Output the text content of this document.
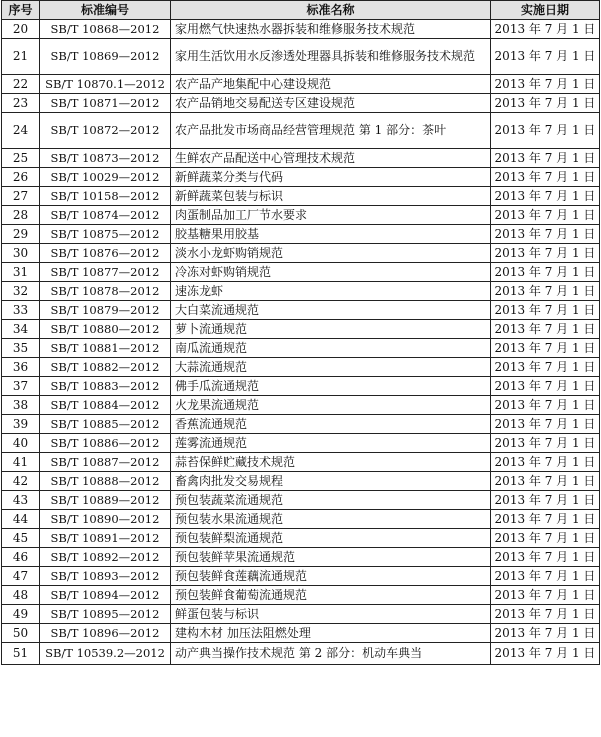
序号	标准编号	标准名称	实施日期
20	SB/T 10868—2012	家用燃气快速热水器拆装和维修服务技术规范	2013 年 7 月 1 日
21	SB/T 10869—2012	家用生活饮用水反渗透处理器具拆装和维修服务技术规范	2013 年 7 月 1 日
22	SB/T 10870.1—2012	农产品产地集配中心建设规范	2013 年 7 月 1 日
23	SB/T 10871—2012	农产品销地交易配送专区建设规范	2013 年 7 月 1 日
24	SB/T 10872—2012	农产品批发市场商品经营管理规范 第 1 部分：茶叶	2013 年 7 月 1 日
25	SB/T 10873—2012	生鲜农产品配送中心管理技术规范	2013 年 7 月 1 日
26	SB/T 10029—2012	新鲜蔬菜分类与代码	2013 年 7 月 1 日
27	SB/T 10158—2012	新鲜蔬菜包装与标识	2013 年 7 月 1 日
28	SB/T 10874—2012	肉蛋制品加工厂节水要求	2013 年 7 月 1 日
29	SB/T 10875—2012	胶基糖果用胶基	2013 年 7 月 1 日
30	SB/T 10876—2012	淡水小龙虾购销规范	2013 年 7 月 1 日
31	SB/T 10877—2012	冷冻对虾购销规范	2013 年 7 月 1 日
32	SB/T 10878—2012	速冻龙虾	2013 年 7 月 1 日
33	SB/T 10879—2012	大白菜流通规范	2013 年 7 月 1 日
34	SB/T 10880—2012	萝卜流通规范	2013 年 7 月 1 日
35	SB/T 10881—2012	南瓜流通规范	2013 年 7 月 1 日
36	SB/T 10882—2012	大蒜流通规范	2013 年 7 月 1 日
37	SB/T 10883—2012	佛手瓜流通规范	2013 年 7 月 1 日
38	SB/T 10884—2012	火龙果流通规范	2013 年 7 月 1 日
39	SB/T 10885—2012	香蕉流通规范	2013 年 7 月 1 日
40	SB/T 10886—2012	莲雾流通规范	2013 年 7 月 1 日
41	SB/T 10887—2012	蒜苔保鲜贮藏技术规范	2013 年 7 月 1 日
42	SB/T 10888—2012	畜禽肉批发交易规程	2013 年 7 月 1 日
43	SB/T 10889—2012	预包装蔬菜流通规范	2013 年 7 月 1 日
44	SB/T 10890—2012	预包装水果流通规范	2013 年 7 月 1 日
45	SB/T 10891—2012	预包装鲜梨流通规范	2013 年 7 月 1 日
46	SB/T 10892—2012	预包装鲜苹果流通规范	2013 年 7 月 1 日
47	SB/T 10893—2012	预包装鲜食莲藕流通规范	2013 年 7 月 1 日
48	SB/T 10894—2012	预包装鲜食葡萄流通规范	2013 年 7 月 1 日
49	SB/T 10895—2012	鲜蛋包装与标识	2013 年 7 月 1 日
50	SB/T 10896—2012	建构木材 加压法阻燃处理	2013 年 7 月 1 日
51	SB/T 10539.2—2012	动产典当操作技术规范 第 2 部分：机动车典当	2013 年 7 月 1 日
